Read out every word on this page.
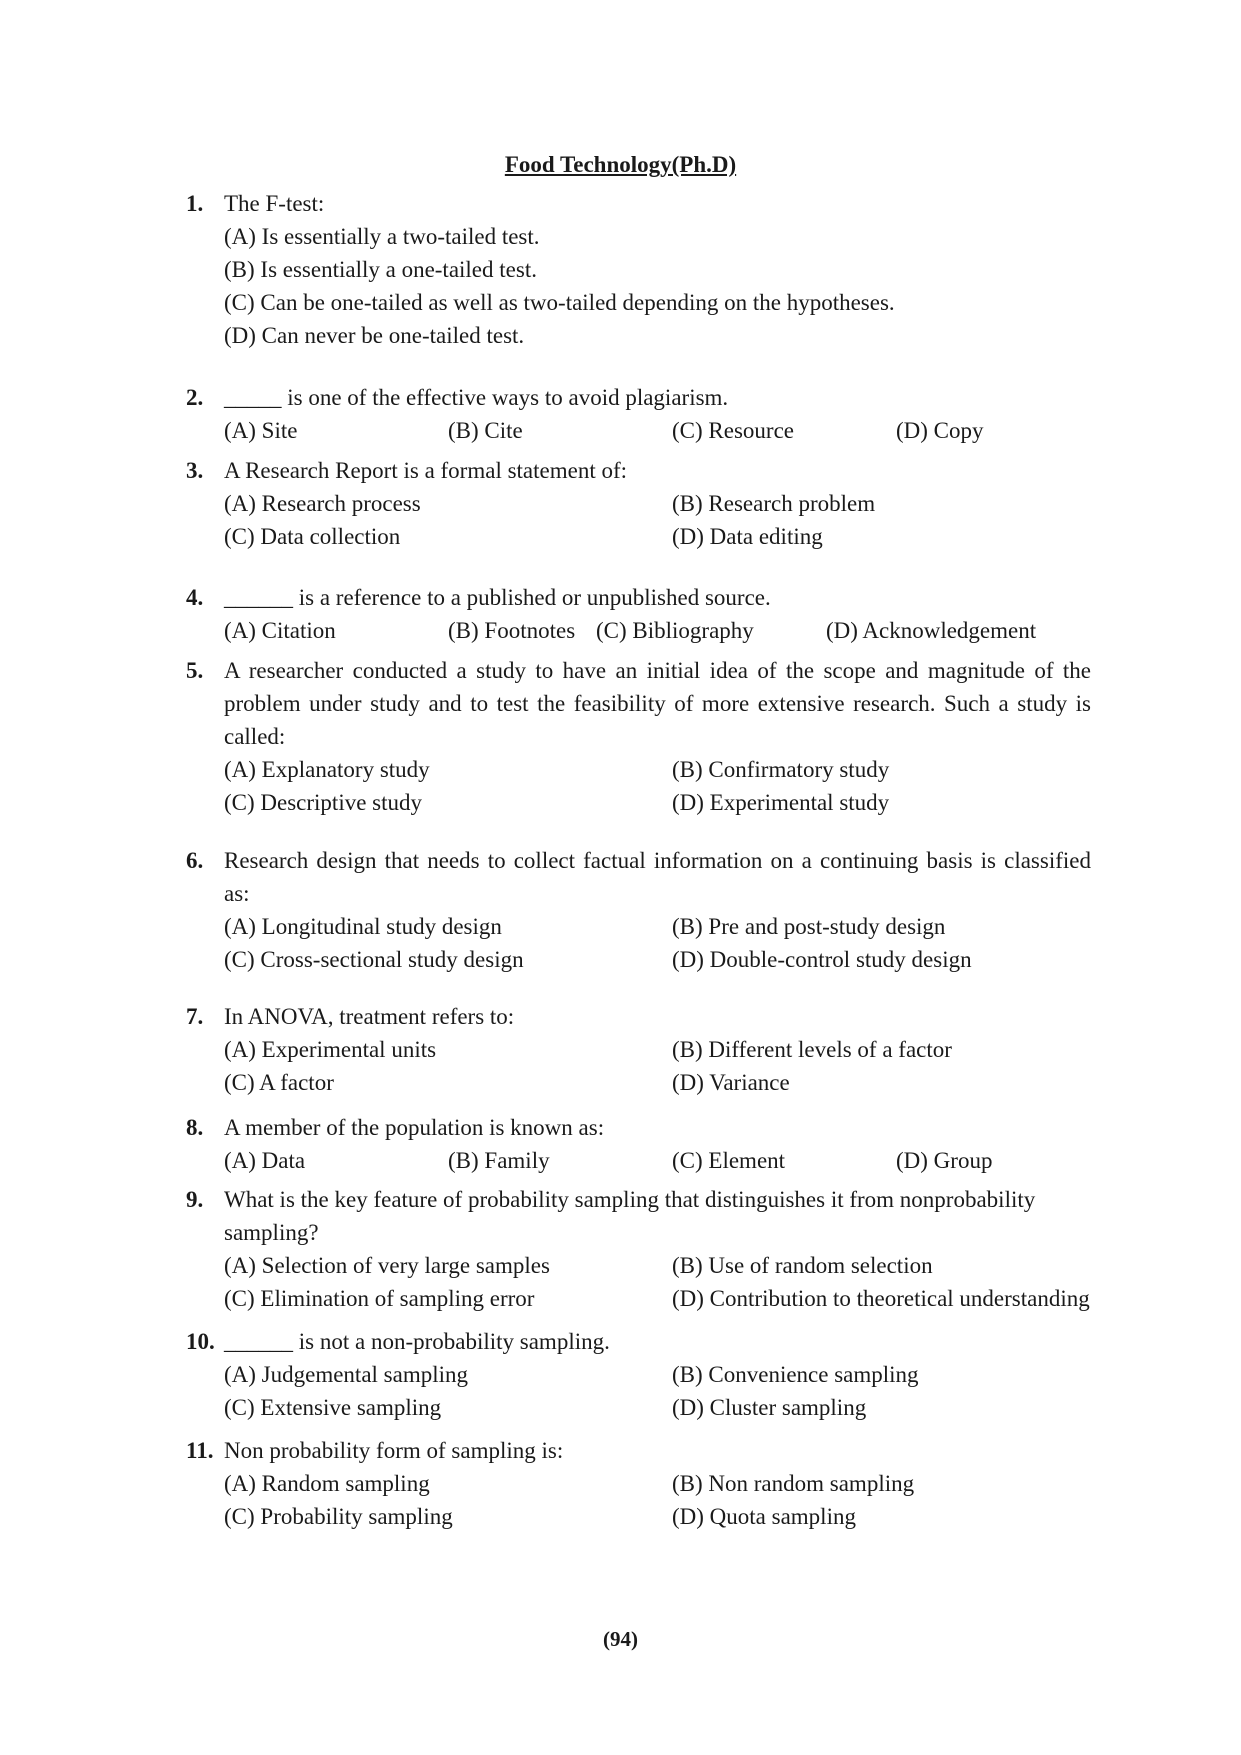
Food Technology(Ph.D)
1. The F-test:
(A) Is essentially a two-tailed test.
(B) Is essentially a one-tailed test.
(C) Can be one-tailed as well as two-tailed depending on the hypotheses.
(D) Can never be one-tailed test.
2. _____ is one of the effective ways to avoid plagiarism.
(A) Site	(B) Cite	(C) Resource	(D) Copy
3. A Research Report is a formal statement of:
(A) Research process	(B) Research problem
(C) Data collection	(D) Data editing
4. ______ is a reference to a published or unpublished source.
(A) Citation	(B) Footnotes (C) Bibliography	(D) Acknowledgement
5. A researcher conducted a study to have an initial idea of the scope and magnitude of the problem under study and to test the feasibility of more extensive research. Such a study is called:
(A) Explanatory study	(B) Confirmatory study
(C) Descriptive study	(D) Experimental study
6. Research design that needs to collect factual information on a continuing basis is classified as:
(A) Longitudinal study design	(B) Pre and post-study design
(C) Cross-sectional study design	(D) Double-control study design
7. In ANOVA, treatment refers to:
(A) Experimental units	(B) Different levels of a factor
(C) A factor	(D) Variance
8. A member of the population is known as:
(A) Data	(B) Family	(C) Element	(D) Group
9. What is the key feature of probability sampling that distinguishes it from nonprobability sampling?
(A) Selection of very large samples	(B) Use of random selection
(C) Elimination of sampling error	(D) Contribution to theoretical understanding
10. ______ is not a non-probability sampling.
(A) Judgemental sampling	(B) Convenience sampling
(C) Extensive sampling	(D) Cluster sampling
11. Non probability form of sampling is:
(A) Random sampling	(B) Non random sampling
(C) Probability sampling	(D) Quota sampling
(94)
